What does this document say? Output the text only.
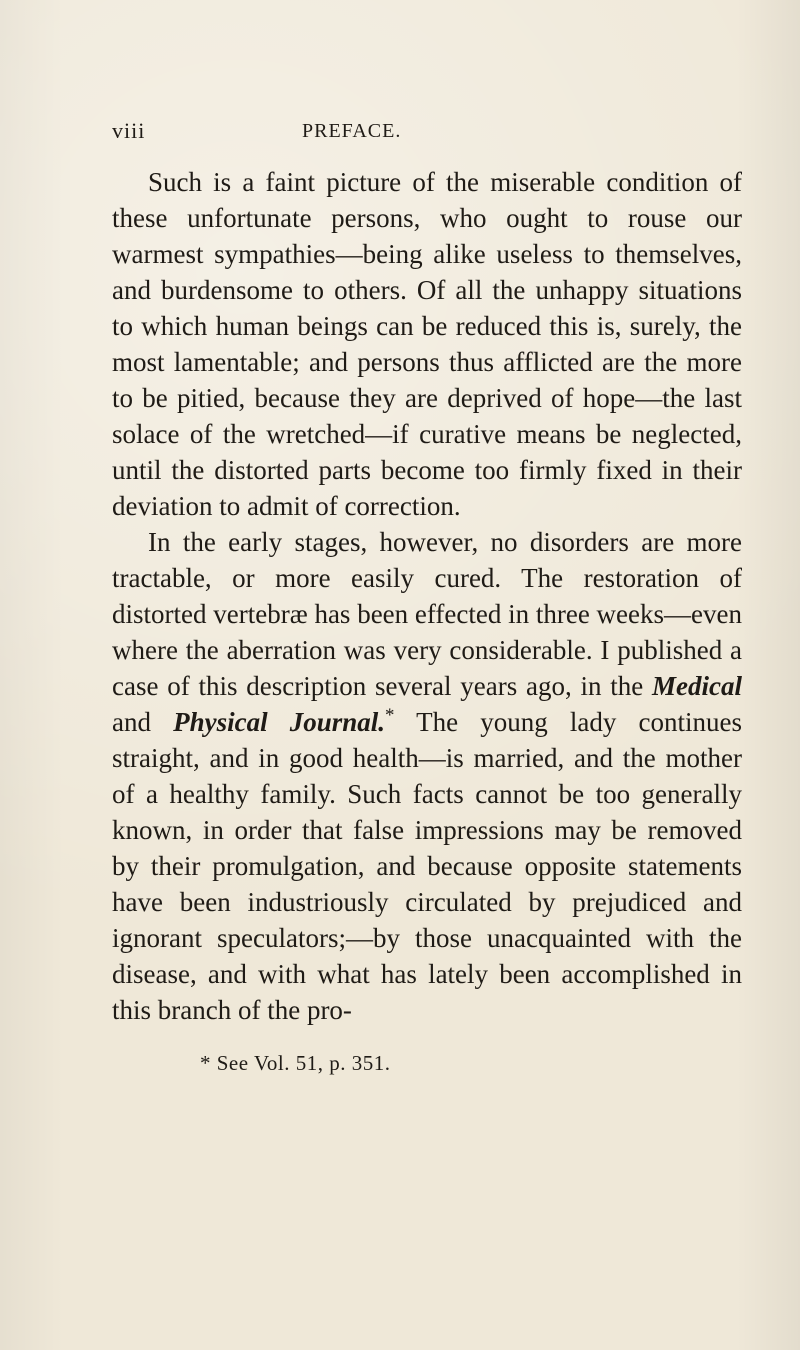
viii	PREFACE.

Such is a faint picture of the miserable condition of these unfortunate persons, who ought to rouse our warmest sympathies—being alike useless to themselves, and burdensome to others. Of all the unhappy situations to which human beings can be reduced this is, surely, the most lamentable; and persons thus afflicted are the more to be pitied, because they are deprived of hope—the last solace of the wretched—if curative means be neglected, until the distorted parts become too firmly fixed in their deviation to admit of correction.

In the early stages, however, no disorders are more tractable, or more easily cured. The restoration of distorted vertebræ has been effected in three weeks—even where the aberration was very considerable. I published a case of this description several years ago, in the Medical and Physical Journal.* The young lady continues straight, and in good health—is married, and the mother of a healthy family. Such facts cannot be too generally known, in order that false impressions may be removed by their promulgation, and because opposite statements have been industriously circulated by prejudiced and ignorant speculators;—by those unacquainted with the disease, and with what has lately been accomplished in this branch of the pro-

* See Vol. 51, p. 351.
